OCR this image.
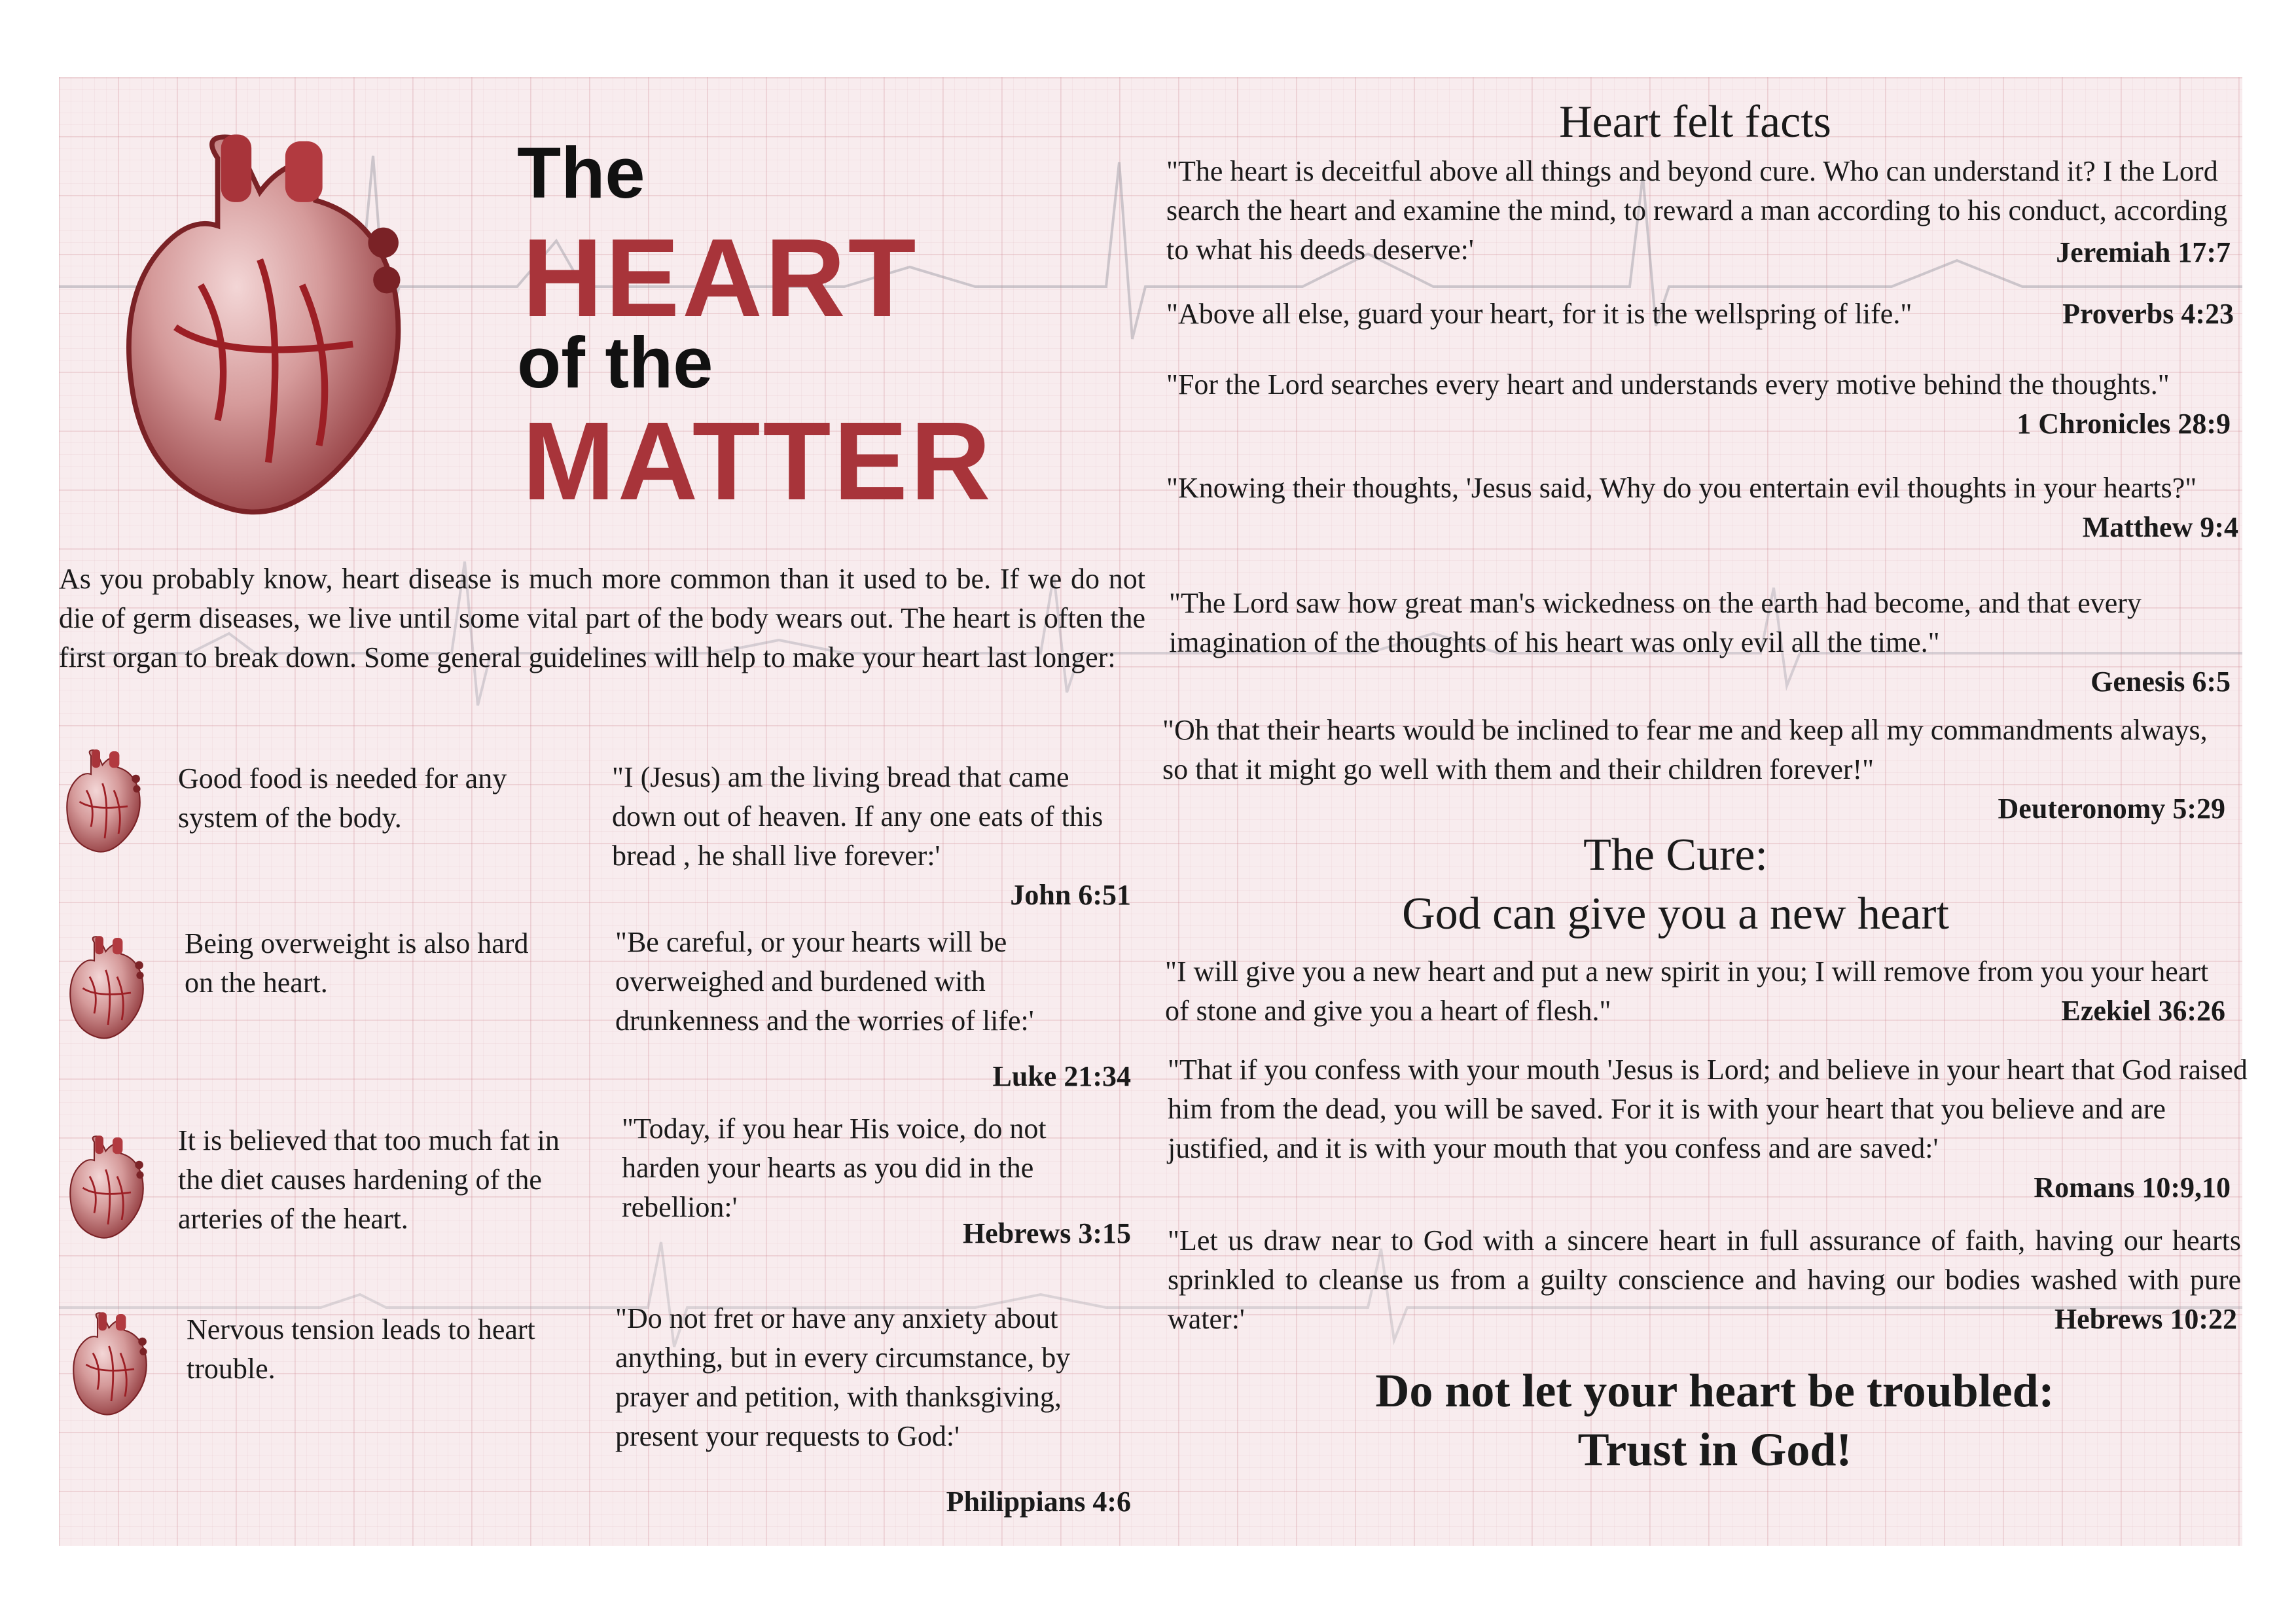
The
HEART
of the
MATTER
As you probably know, heart disease is much more common than it used to be. If we do not die of germ diseases, we live until some vital part of the body wears out. The heart is often the first organ to break down. Some general guidelines will help to make your heart last longer:
Good food is needed for any system of the body.
"I (Jesus) am the living bread that came down out of heaven. If any one eats of this bread , he shall live forever:'
John 6:51
Being overweight is also hard on the heart.
"Be careful, or your hearts will be overweighed and burdened with drunkenness and the worries of life:'
Luke 21:34
It is believed that too much fat in the diet causes hardening of the arteries of the heart.
"Today, if you hear His voice, do not harden your hearts as you did in the rebellion:'
Hebrews 3:15
Nervous tension leads to heart trouble.
"Do not fret or have any anxiety about anything, but in every circumstance, by prayer and petition, with thanksgiving, present your requests to God:'
Philippians 4:6
Heart felt facts
"The heart is deceitful above all things and beyond cure. Who can understand it? I the Lord search the heart and examine the mind, to reward a man according to his conduct, according to what his deeds deserve:'	Jeremiah 17:7
"Above all else, guard your heart, for it is the wellspring of life."	Proverbs 4:23
"For the Lord searches every heart and understands every motive behind the thoughts."
1 Chronicles 28:9
"Knowing their thoughts, 'Jesus said, Why do you entertain evil thoughts in your hearts?"
Matthew 9:4
"The Lord saw how great man's wickedness on the earth had become, and that every imagination of the thoughts of his heart was only evil all the time."
Genesis 6:5
"Oh that their hearts would be inclined to fear me and keep all my commandments always, so that it might go well with them and their children forever!"
Deuteronomy 5:29
The Cure:
God can give you a new heart
"I will give you a new heart and put a new spirit in you; I will remove from you your heart of stone and give you a heart of flesh."	Ezekiel 36:26
"That if you confess with your mouth 'Jesus is Lord; and believe in your heart that God raised him from the dead, you will be saved. For it is with your heart that you believe and are justified, and it is with your mouth that you confess and are saved:'
Romans 10:9,10
"Let us draw near to God with a sincere heart in full assurance of faith, having our hearts sprinkled to cleanse us from a guilty conscience and having our bodies washed with pure water:'	Hebrews 10:22
Do not let your heart be troubled:
Trust in God!
